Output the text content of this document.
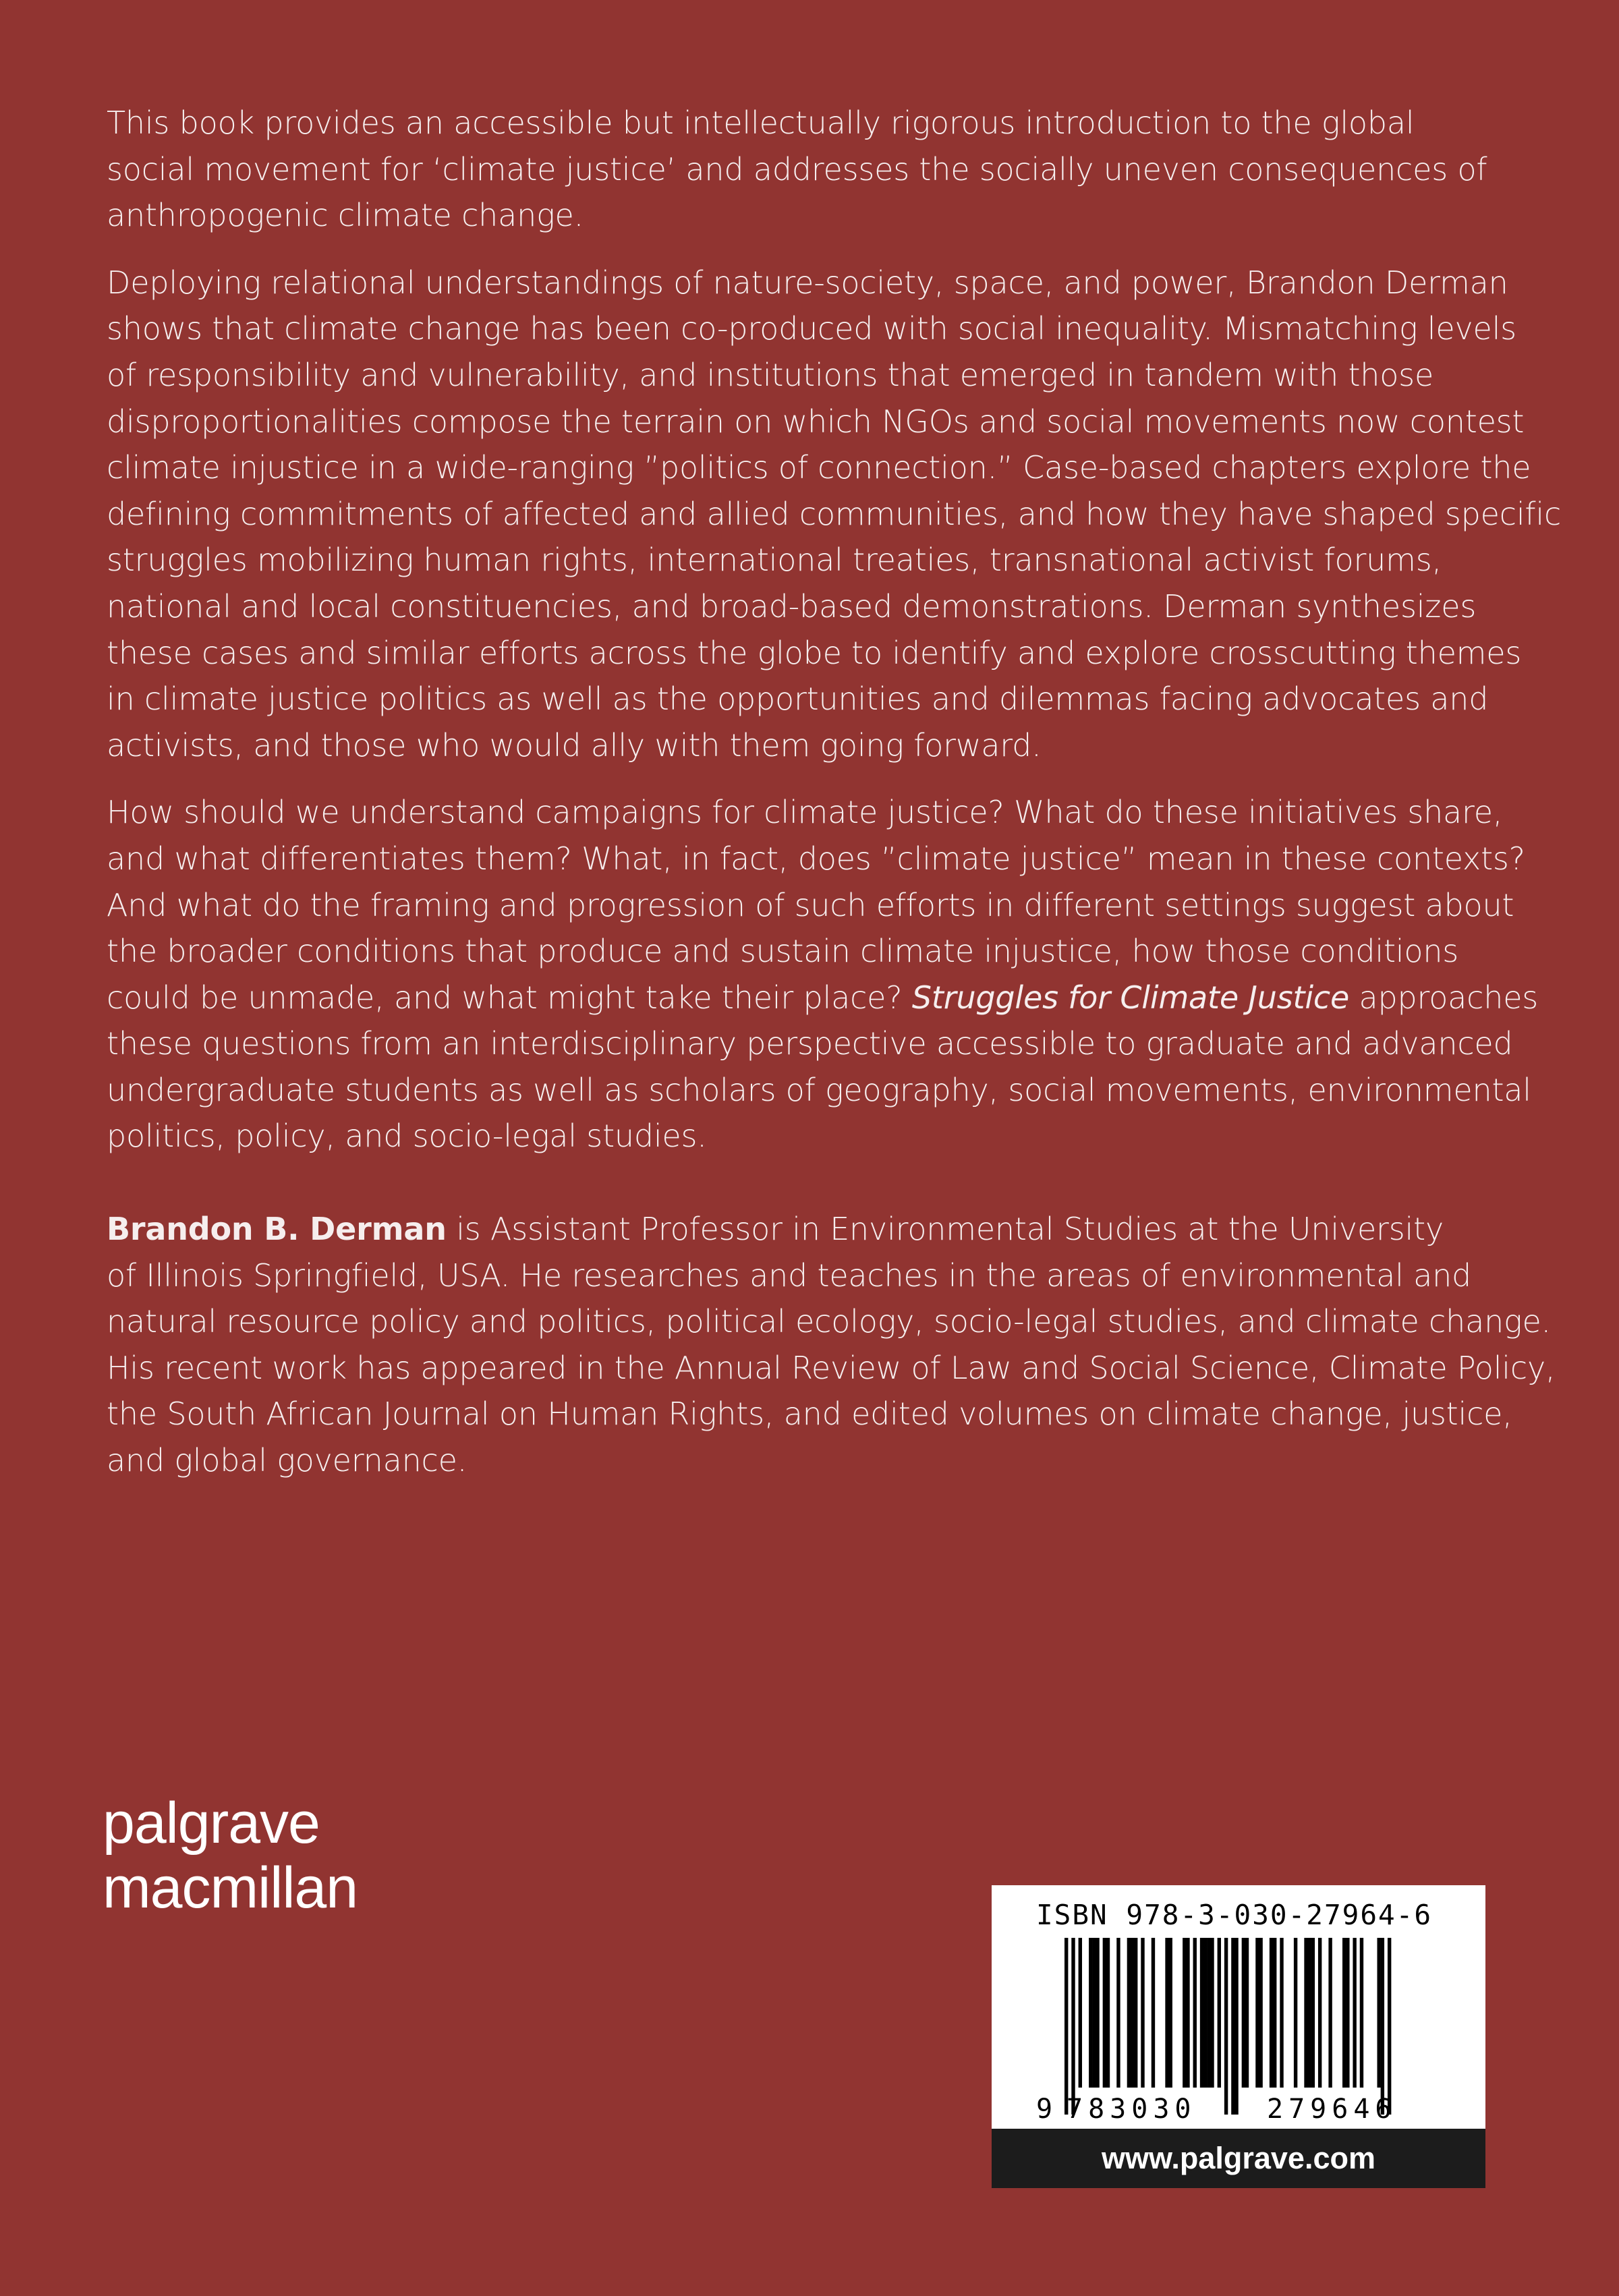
This book provides an accessible but intellectually rigorous introduction to the global
social movement for ‘climate justice’ and addresses the socially uneven consequences of
anthropogenic climate change.

Deploying relational understandings of nature-society, space, and power, Brandon Derman
shows that climate change has been co-produced with social inequality. Mismatching levels
of responsibility and vulnerability, and institutions that emerged in tandem with those
disproportionalities compose the terrain on which NGOs and social movements now contest
climate injustice in a wide-ranging ”politics of connection.” Case-based chapters explore the
defining commitments of affected and allied communities, and how they have shaped specific
struggles mobilizing human rights, international treaties, transnational activist forums,
national and local constituencies, and broad-based demonstrations. Derman synthesizes
these cases and similar efforts across the globe to identify and explore crosscutting themes
in climate justice politics as well as the opportunities and dilemmas facing advocates and
activists, and those who would ally with them going forward.

How should we understand campaigns for climate justice? What do these initiatives share,
and what differentiates them? What, in fact, does ”climate justice” mean in these contexts?
And what do the framing and progression of such efforts in different settings suggest about
the broader conditions that produce and sustain climate injustice, how those conditions
could be unmade, and what might take their place? Struggles for Climate Justice approaches
these questions from an interdisciplinary perspective accessible to graduate and advanced
undergraduate students as well as scholars of geography, social movements, environmental
politics, policy, and socio-legal studies.

Brandon B. Derman is Assistant Professor in Environmental Studies at the University
of Illinois Springfield, USA. He researches and teaches in the areas of environmental and
natural resource policy and politics, political ecology, socio-legal studies, and climate change.
His recent work has appeared in the Annual Review of Law and Social Science, Climate Policy,
the South African Journal on Human Rights, and edited volumes on climate change, justice,
and global governance.

palgrave
macmillan
9 783030	279646
ISBN 978-3-030-27964-6
www.palgrave.com
